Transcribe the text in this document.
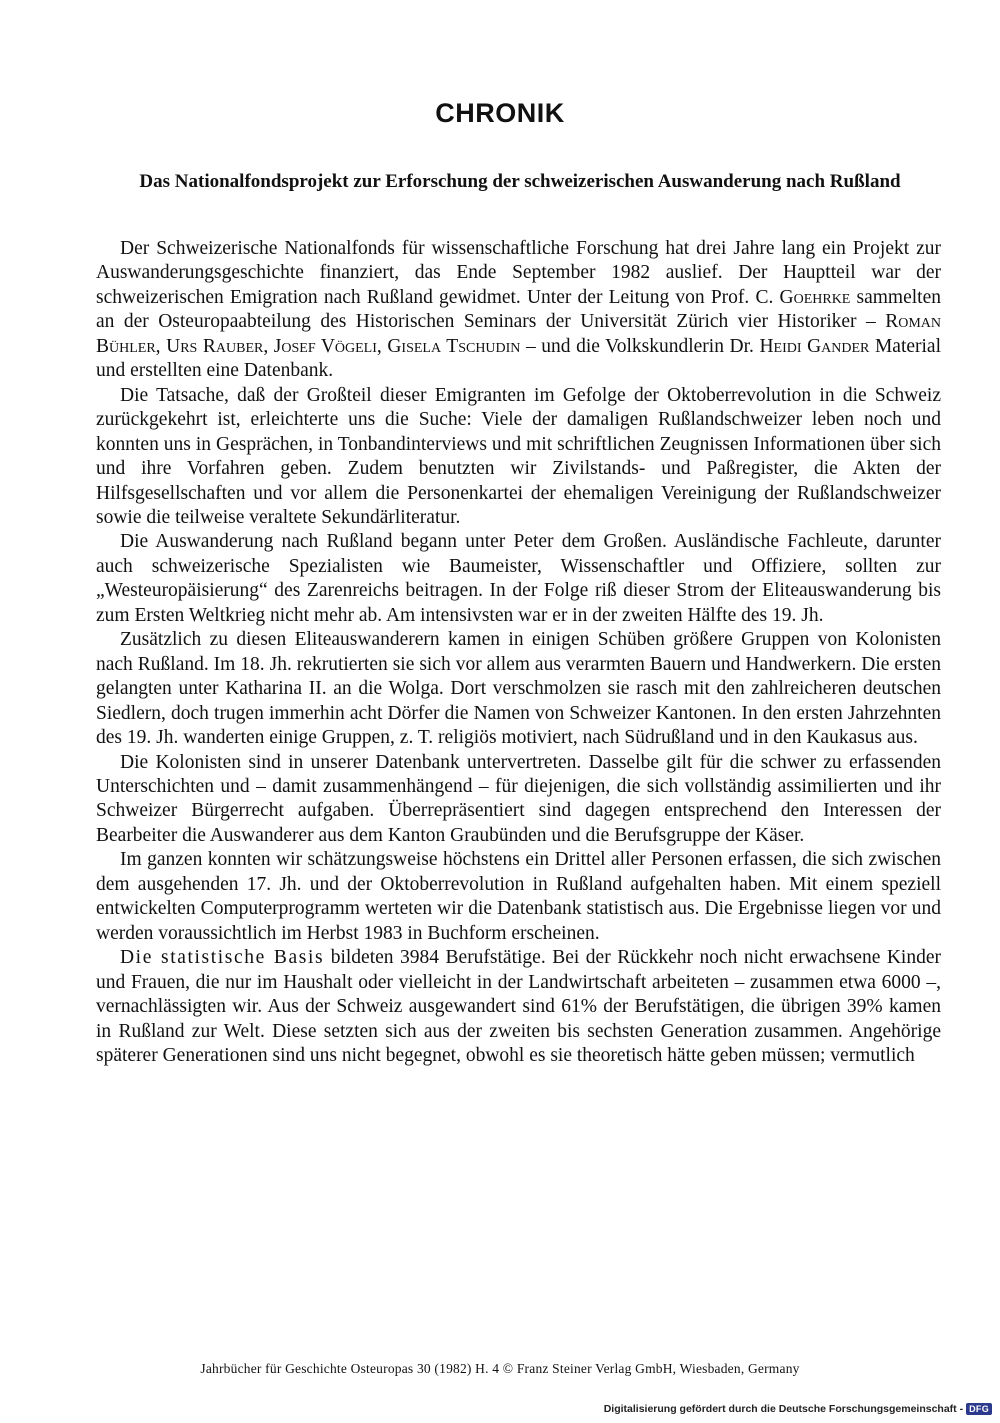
CHRONIK
Das Nationalfondsprojekt zur Erforschung der schweizerischen Auswanderung nach Rußland

Der Schweizerische Nationalfonds für wissenschaftliche Forschung hat drei Jahre lang ein Projekt zur Auswanderungsgeschichte finanziert, das Ende September 1982 auslief. Der Hauptteil war der schweizerischen Emigration nach Rußland gewidmet. Unter der Leitung von Prof. C. Goehrke sammelten an der Osteuropaabteilung des Historischen Seminars der Universität Zürich vier Historiker – Roman Bühler, Urs Rauber, Josef Vögeli, Gisela Tschudin – und die Volkskundlerin Dr. Heidi Gander Material und erstellten eine Datenbank.

Die Tatsache, daß der Großteil dieser Emigranten im Gefolge der Oktoberrevolution in die Schweiz zurückgekehrt ist, erleichterte uns die Suche: Viele der damaligen Rußlandschweizer leben noch und konnten uns in Gesprächen, in Tonbandinterviews und mit schriftlichen Zeugnissen Informationen über sich und ihre Vorfahren geben. Zudem benutzten wir Zivilstands- und Paßregister, die Akten der Hilfsgesellschaften und vor allem die Personenkartei der ehemaligen Vereinigung der Rußlandschweizer sowie die teilweise veraltete Sekundärliteratur.

Die Auswanderung nach Rußland begann unter Peter dem Großen. Ausländische Fachleute, darunter auch schweizerische Spezialisten wie Baumeister, Wissenschaftler und Offiziere, sollten zur „Westeuropäisierung“ des Zarenreichs beitragen. In der Folge riß dieser Strom der Eliteauswanderung bis zum Ersten Weltkrieg nicht mehr ab. Am intensivsten war er in der zweiten Hälfte des 19. Jh.

Zusätzlich zu diesen Eliteauswanderern kamen in einigen Schüben größere Gruppen von Kolonisten nach Rußland. Im 18. Jh. rekrutierten sie sich vor allem aus verarmten Bauern und Handwerkern. Die ersten gelangten unter Katharina II. an die Wolga. Dort verschmolzen sie rasch mit den zahlreicheren deutschen Siedlern, doch trugen immerhin acht Dörfer die Namen von Schweizer Kantonen. In den ersten Jahrzehnten des 19. Jh. wanderten einige Gruppen, z. T. religiös motiviert, nach Südrußland und in den Kaukasus aus.

Die Kolonisten sind in unserer Datenbank untervertreten. Dasselbe gilt für die schwer zu erfassenden Unterschichten und – damit zusammenhängend – für diejenigen, die sich vollständig assimilierten und ihr Schweizer Bürgerrecht aufgaben. Überrepräsentiert sind dagegen entsprechend den Interessen der Bearbeiter die Auswanderer aus dem Kanton Graubünden und die Berufsgruppe der Käser.

Im ganzen konnten wir schätzungsweise höchstens ein Drittel aller Personen erfassen, die sich zwischen dem ausgehenden 17. Jh. und der Oktoberrevolution in Rußland aufgehalten haben. Mit einem speziell entwickelten Computerprogramm werteten wir die Datenbank statistisch aus. Die Ergebnisse liegen vor und werden voraussichtlich im Herbst 1983 in Buchform erscheinen.

Die statistische Basis bildeten 3984 Berufstätige. Bei der Rückkehr noch nicht erwachsene Kinder und Frauen, die nur im Haushalt oder vielleicht in der Landwirtschaft arbeiteten – zusammen etwa 6000 –, vernachlässigten wir. Aus der Schweiz ausgewandert sind 61% der Berufstätigen, die übrigen 39% kamen in Rußland zur Welt. Diese setzten sich aus der zweiten bis sechsten Generation zusammen. Angehörige späterer Generationen sind uns nicht begegnet, obwohl es sie theoretisch hätte geben müssen; vermutlich

Jahrbücher für Geschichte Osteuropas 30 (1982) H. 4 © Franz Steiner Verlag GmbH, Wiesbaden, Germany
Digitalisierung gefördert durch die Deutsche Forschungsgemeinschaft - DFG
